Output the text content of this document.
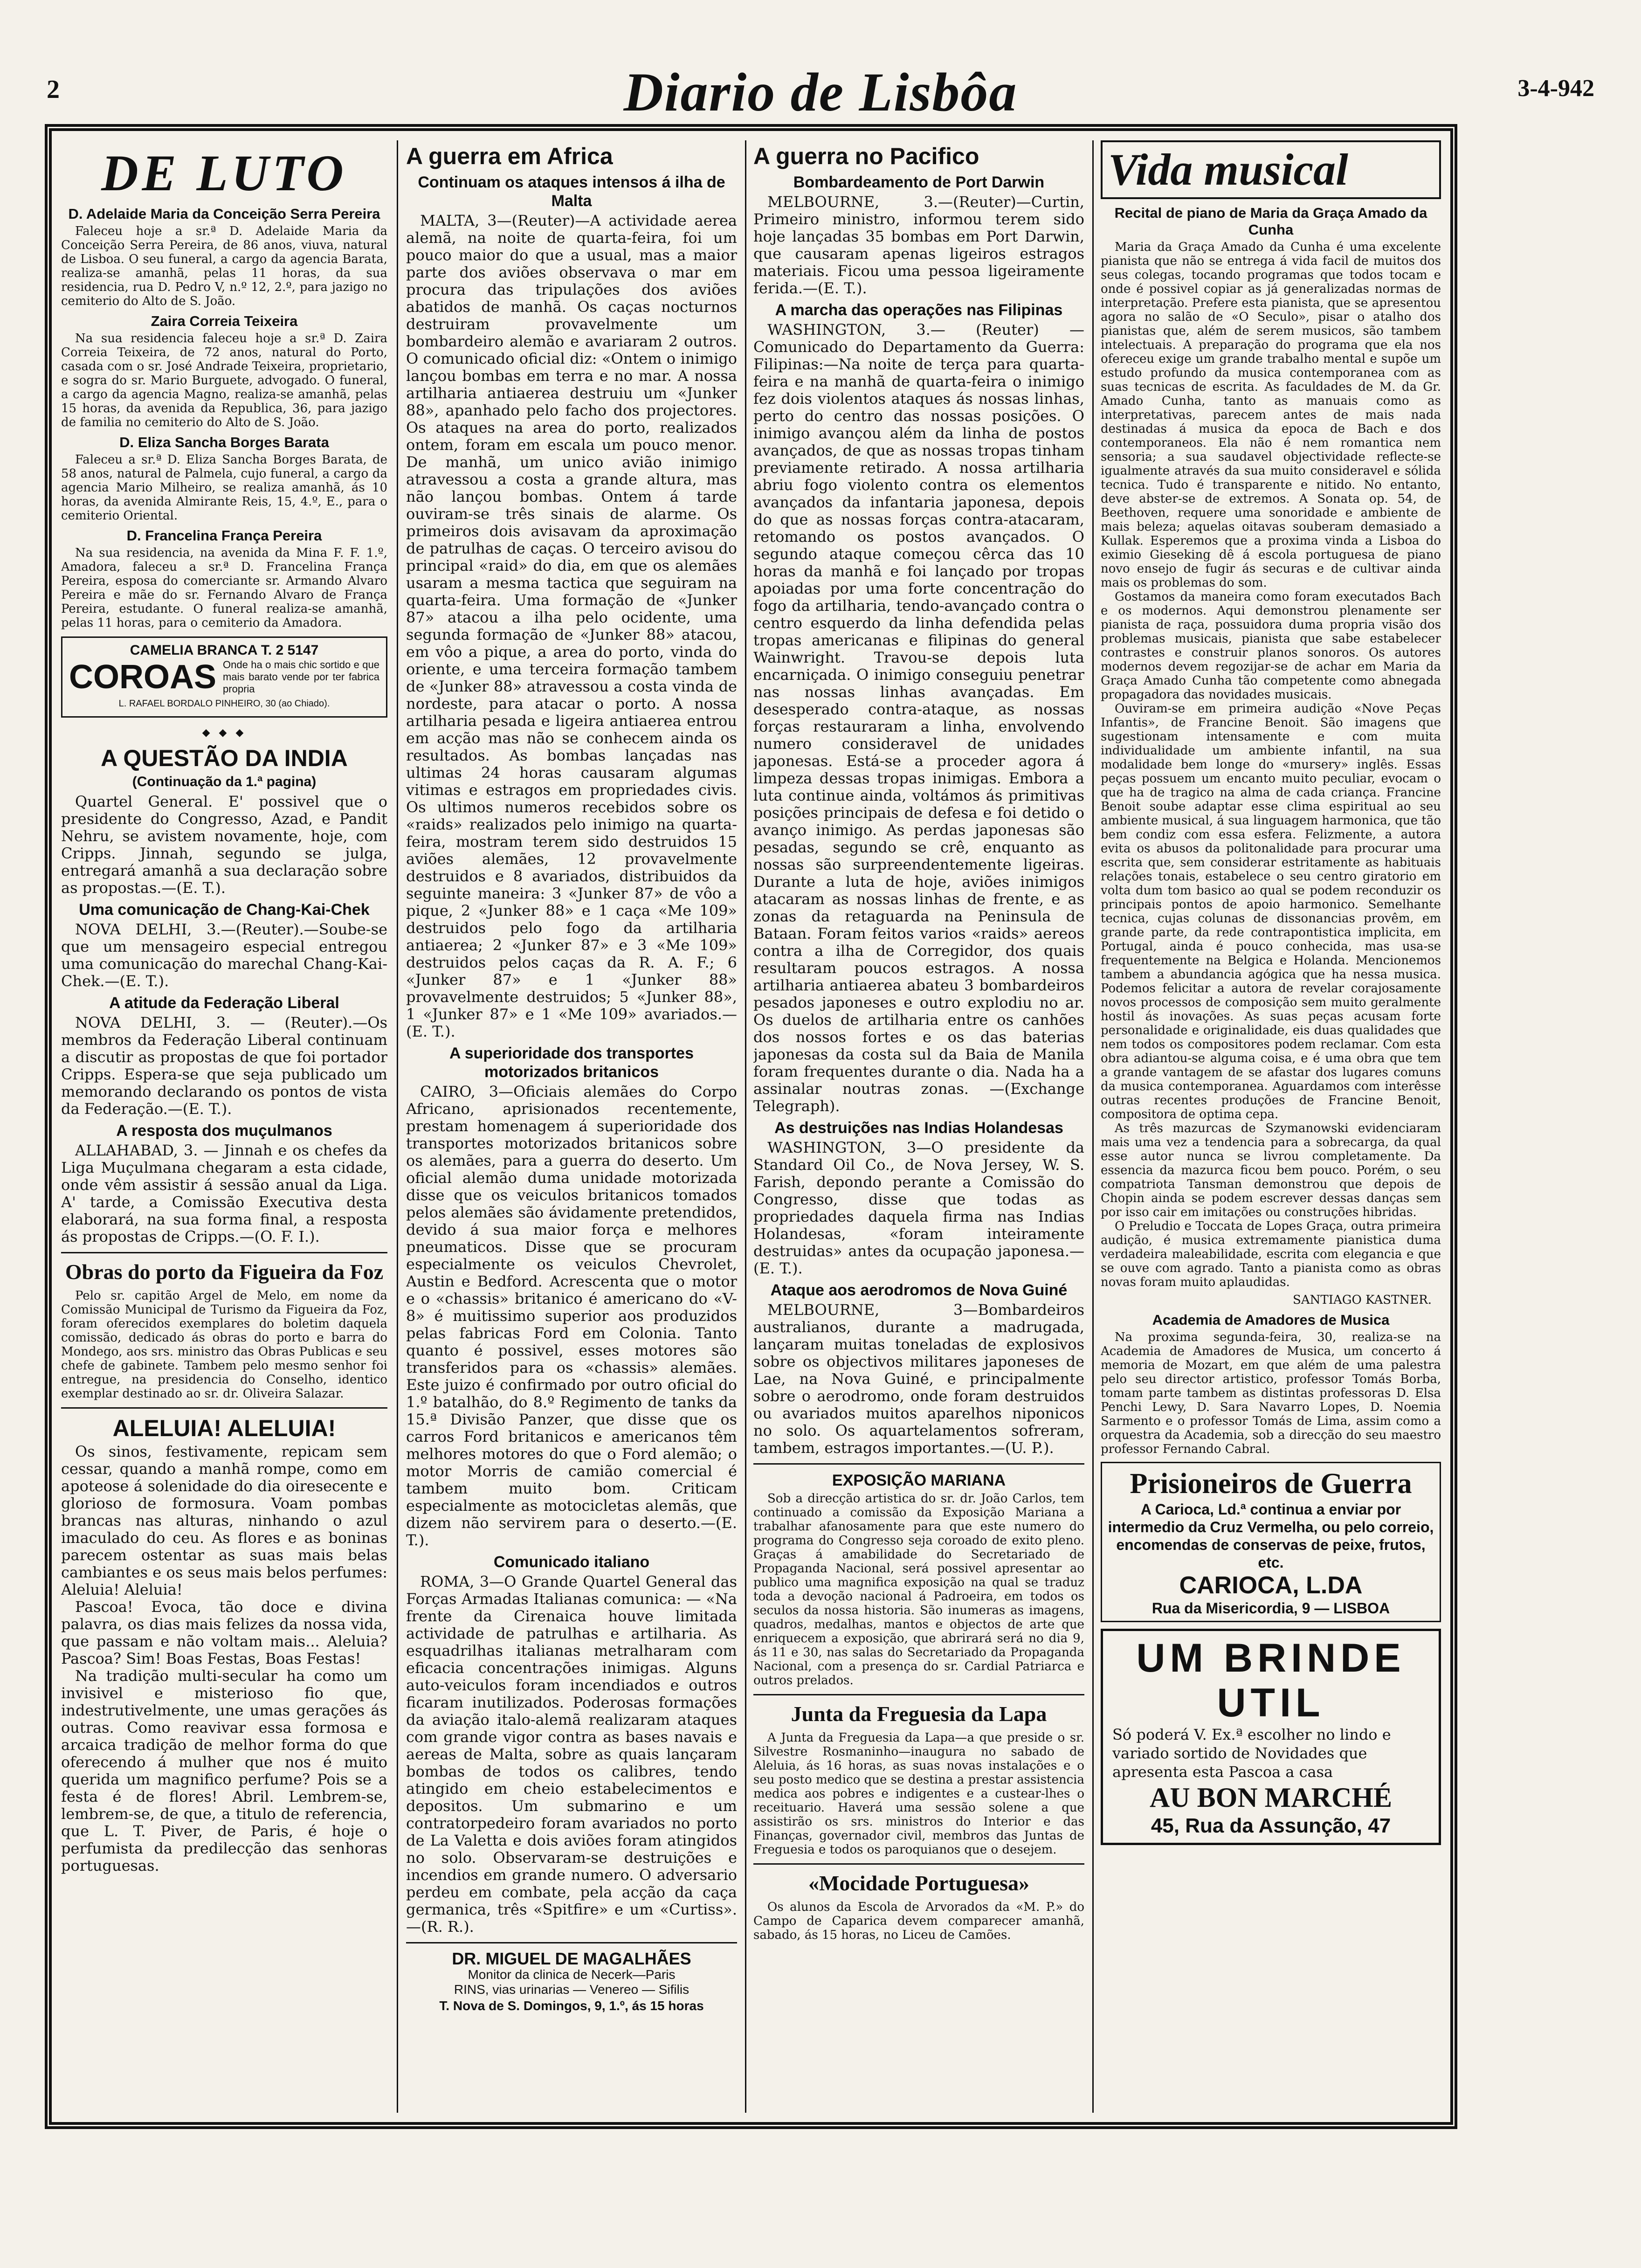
2	Diario de Lisbôa	3-4-942
DE LUTO
D. Adelaide Maria da Conceição Serra Pereira

Faleceu hoje a sr.ª D. Adelaide Maria da Conceição Serra Pereira, de 86 anos, viuva, natural de Lisboa. O seu funeral, a cargo da agencia Barata, realiza-se amanhã, pelas 11 horas, da sua residencia, rua D. Pedro V, n.º 12, 2.º, para jazigo no cemiterio do Alto de S. João.

Zaira Correia Teixeira

Na sua residencia faleceu hoje a sr.ª D. Zaira Correia Teixeira, de 72 anos, natural do Porto, casada com o sr. José Andrade Teixeira, proprietario, e sogra do sr. Mario Burguete, advogado. O funeral, a cargo da agencia Magno, realiza-se amanhã, pelas 15 horas, da avenida da Republica, 36, para jazigo de familia no cemiterio do Alto de S. João.

D. Eliza Sancha Borges Barata

Faleceu a sr.ª D. Eliza Sancha Borges Barata, de 58 anos, natural de Palmela, cujo funeral, a cargo da agencia Mario Milheiro, se realiza amanhã, ás 10 horas, da avenida Almirante Reis, 15, 4.º, E., para o cemiterio Oriental.

D. Francelina França Pereira

Na sua residencia, na avenida da Mina F. F. 1.º, Amadora, faleceu a sr.ª D. Francelina França Pereira, esposa do comerciante sr. Armando Alvaro Pereira e mãe do sr. Fernando Alvaro de França Pereira, estudante. O funeral realiza-se amanhã, pelas 11 horas, para o cemiterio da Amadora.

CAMELIA BRANCA T. 2 5147
COROAS Onde ha o mais chic sortido e que mais barato vende por ter fabrica propria
L. RAFAEL BORDALO PINHEIRO, 30 (ao Chiado).
◆ ◆ ◆
A QUESTÃO DA INDIA
(Continuação da 1.ª pagina)

Quartel General. E' possivel que o presidente do Congresso, Azad, e Pandit Nehru, se avistem novamente, hoje, com Cripps. Jinnah, segundo se julga, entregará amanhã a sua declaração sobre as propostas.—(E. T.).

Uma comunicação de Chang-Kai-Chek

NOVA DELHI, 3.—(Reuter).—Soube-se que um mensageiro especial entregou uma comunicação do marechal Chang-Kai-Chek.—(E. T.).

A atitude da Federação Liberal

NOVA DELHI, 3. — (Reuter).—Os membros da Federação Liberal continuam a discutir as propostas de que foi portador Cripps. Espera-se que seja publicado um memorando declarando os pontos de vista da Federação.—(E. T.).

A resposta dos muçulmanos

ALLAHABAD, 3. — Jinnah e os chefes da Liga Muçulmana chegaram a esta cidade, onde vêm assistir á sessão anual da Liga. A' tarde, a Comissão Executiva desta elaborará, na sua forma final, a resposta ás propostas de Cripps.—(O. F. I.).

Obras do porto da Figueira da Foz

Pelo sr. capitão Argel de Melo, em nome da Comissão Municipal de Turismo da Figueira da Foz, foram oferecidos exemplares do boletim daquela comissão, dedicado ás obras do porto e barra do Mondego, aos srs. ministro das Obras Publicas e seu chefe de gabinete. Tambem pelo mesmo senhor foi entregue, na presidencia do Conselho, identico exemplar destinado ao sr. dr. Oliveira Salazar.

ALELUIA! ALELUIA!

Os sinos, festivamente, repicam sem cessar, quando a manhã rompe, como em apoteose á solenidade do dia oiresecente e glorioso de formosura. Voam pombas brancas nas alturas, ninhando o azul imaculado do ceu. As flores e as boninas parecem ostentar as suas mais belas cambiantes e os seus mais belos perfumes: Aleluia! Aleluia!

Pascoa! Evoca, tão doce e divina palavra, os dias mais felizes da nossa vida, que passam e não voltam mais... Aleluia? Pascoa? Sim! Boas Festas, Boas Festas!

Na tradição multi-secular ha como um invisivel e misterioso fio que, indestrutivelmente, une umas gerações ás outras. Como reavivar essa formosa e arcaica tradição de melhor forma do que oferecendo á mulher que nos é muito querida um magnifico perfume? Pois se a festa é de flores! Abril. Lembrem-se, lembrem-se, de que, a titulo de referencia, que L. T. Piver, de Paris, é hoje o perfumista da predilecção das senhoras portuguesas.

A guerra em Africa
Continuam os ataques intensos á ilha de Malta

MALTA, 3—(Reuter)—A actividade aerea alemã, na noite de quarta-feira, foi um pouco maior do que a usual, mas a maior parte dos aviões observava o mar em procura das tripulações dos aviões abatidos de manhã. Os caças nocturnos destruiram provavelmente um bombardeiro alemão e avariaram 2 outros. O comunicado oficial diz: «Ontem o inimigo lançou bombas em terra e no mar. A nossa artilharia antiaerea destruiu um «Junker 88», apanhado pelo facho dos projectores. Os ataques na area do porto, realizados ontem, foram em escala um pouco menor. De manhã, um unico avião inimigo atravessou a costa a grande altura, mas não lançou bombas. Ontem á tarde ouviram-se três sinais de alarme. Os primeiros dois avisavam da aproximação de patrulhas de caças. O terceiro avisou do principal «raid» do dia, em que os alemães usaram a mesma tactica que seguiram na quarta-feira. Uma formação de «Junker 87» atacou a ilha pelo ocidente, uma segunda formação de «Junker 88» atacou, em vôo a pique, a area do porto, vinda do oriente, e uma terceira formação tambem de «Junker 88» atravessou a costa vinda de nordeste, para atacar o porto. A nossa artilharia pesada e ligeira antiaerea entrou em acção mas não se conhecem ainda os resultados. As bombas lançadas nas ultimas 24 horas causaram algumas vitimas e estragos em propriedades civis. Os ultimos numeros recebidos sobre os «raids» realizados pelo inimigo na quarta-feira, mostram terem sido destruidos 15 aviões alemães, 12 provavelmente destruidos e 8 avariados, distribuidos da seguinte maneira: 3 «Junker 87» de vôo a pique, 2 «Junker 88» e 1 caça «Me 109» destruidos pelo fogo da artilharia antiaerea; 2 «Junker 87» e 3 «Me 109» destruidos pelos caças da R. A. F.; 6 «Junker 87» e 1 «Junker 88» provavelmente destruidos; 5 «Junker 88», 1 «Junker 87» e 1 «Me 109» avariados.—(E. T.).

A superioridade dos transportes motorizados britanicos

CAIRO, 3—Oficiais alemães do Corpo Africano, aprisionados recentemente, prestam homenagem á superioridade dos transportes motorizados britanicos sobre os alemães, para a guerra do deserto. Um oficial alemão duma unidade motorizada disse que os veiculos britanicos tomados pelos alemães são ávidamente pretendidos, devido á sua maior força e melhores pneumaticos. Disse que se procuram especialmente os veiculos Chevrolet, Austin e Bedford. Acrescenta que o motor e o «chassis» britanico é americano do «V-8» é muitissimo superior aos produzidos pelas fabricas Ford em Colonia. Tanto quanto é possivel, esses motores são transferidos para os «chassis» alemães. Este juizo é confirmado por outro oficial do 1.º batalhão, do 8.º Regimento de tanks da 15.ª Divisão Panzer, que disse que os carros Ford britanicos e americanos têm melhores motores do que o Ford alemão; o motor Morris de camião comercial é tambem muito bom. Criticam especialmente as motocicletas alemãs, que dizem não servirem para o deserto.—(E. T.).

Comunicado italiano

ROMA, 3—O Grande Quartel General das Forças Armadas Italianas comunica: — «Na frente da Cirenaica houve limitada actividade de patrulhas e artilharia. As esquadrilhas italianas metralharam com eficacia concentrações inimigas. Alguns auto-veiculos foram incendiados e outros ficaram inutilizados. Poderosas formações da aviação italo-alemã realizaram ataques com grande vigor contra as bases navais e aereas de Malta, sobre as quais lançaram bombas de todos os calibres, tendo atingido em cheio estabelecimentos e depositos. Um submarino e um contratorpedeiro foram avariados no porto de La Valetta e dois aviões foram atingidos no solo. Observaram-se destruições e incendios em grande numero. O adversario perdeu em combate, pela acção da caça germanica, três «Spitfire» e um «Curtiss».—(R. R.).

DR. MIGUEL DE MAGALHÃES
Monitor da clinica de Necerk—Paris
RINS, vias urinarias — Venereo — Sifilis
T. Nova de S. Domingos, 9, 1.º, ás 15 horas
A guerra no Pacifico
Bombardeamento de Port Darwin

MELBOURNE, 3.—(Reuter)—Curtin, Primeiro ministro, informou terem sido hoje lançadas 35 bombas em Port Darwin, que causaram apenas ligeiros estragos materiais. Ficou uma pessoa ligeiramente ferida.—(E. T.).

A marcha das operações nas Filipinas

WASHINGTON, 3.— (Reuter) — Comunicado do Departamento da Guerra: Filipinas:—Na noite de terça para quarta-feira e na manhã de quarta-feira o inimigo fez dois violentos ataques ás nossas linhas, perto do centro das nossas posições. O inimigo avançou além da linha de postos avançados, de que as nossas tropas tinham previamente retirado. A nossa artilharia abriu fogo violento contra os elementos avançados da infantaria japonesa, depois do que as nossas forças contra-atacaram, retomando os postos avançados. O segundo ataque começou cêrca das 10 horas da manhã e foi lançado por tropas apoiadas por uma forte concentração do fogo da artilharia, tendo-avançado contra o centro esquerdo da linha defendida pelas tropas americanas e filipinas do general Wainwright. Travou-se depois luta encarniçada. O inimigo conseguiu penetrar nas nossas linhas avançadas. Em desesperado contra-ataque, as nossas forças restauraram a linha, envolvendo numero consideravel de unidades japonesas. Está-se a proceder agora á limpeza dessas tropas inimigas. Embora a luta continue ainda, voltámos ás primitivas posições principais de defesa e foi detido o avanço inimigo. As perdas japonesas são pesadas, segundo se crê, enquanto as nossas são surpreendentemente ligeiras. Durante a luta de hoje, aviões inimigos atacaram as nossas linhas de frente, e as zonas da retaguarda na Peninsula de Bataan. Foram feitos varios «raids» aereos contra a ilha de Corregidor, dos quais resultaram poucos estragos. A nossa artilharia antiaerea abateu 3 bombardeiros pesados japoneses e outro explodiu no ar. Os duelos de artilharia entre os canhões dos nossos fortes e os das baterias japonesas da costa sul da Baia de Manila foram frequentes durante o dia. Nada ha a assinalar noutras zonas. —(Exchange Telegraph).

As destruições nas Indias Holandesas

WASHINGTON, 3—O presidente da Standard Oil Co., de Nova Jersey, W. S. Farish, depondo perante a Comissão do Congresso, disse que todas as propriedades daquela firma nas Indias Holandesas, «foram inteiramente destruidas» antes da ocupação japonesa.—(E. T.).

Ataque aos aerodromos de Nova Guiné

MELBOURNE, 3—Bombardeiros australianos, durante a madrugada, lançaram muitas toneladas de explosivos sobre os objectivos militares japoneses de Lae, na Nova Guiné, e principalmente sobre o aerodromo, onde foram destruidos ou avariados muitos aparelhos niponicos no solo. Os aquartelamentos sofreram, tambem, estragos importantes.—(U. P.).

EXPOSIÇÃO MARIANA

Sob a direcção artistica do sr. dr. João Carlos, tem continuado a comissão da Exposição Mariana a trabalhar afanosamente para que este numero do programa do Congresso seja coroado de exito pleno. Graças á amabilidade do Secretariado de Propaganda Nacional, será possivel apresentar ao publico uma magnifica exposição na qual se traduz toda a devoção nacional á Padroeira, em todos os seculos da nossa historia. São inumeras as imagens, quadros, medalhas, mantos e objectos de arte que enriquecem a exposição, que abrirará será no dia 9, ás 11 e 30, nas salas do Secretariado da Propaganda Nacional, com a presença do sr. Cardial Patriarca e outros prelados.

Junta da Freguesia da Lapa

A Junta da Freguesia da Lapa—a que preside o sr. Silvestre Rosmaninho—inaugura no sabado de Aleluia, ás 16 horas, as suas novas instalações e o seu posto medico que se destina a prestar assistencia medica aos pobres e indigentes e a custear-lhes o receituario. Haverá uma sessão solene a que assistirão os srs. ministros do Interior e das Finanças, governador civil, membros das Juntas de Freguesia e todos os paroquianos que o desejem.

«Mocidade Portuguesa»

Os alunos da Escola de Arvorados da «M. P.» do Campo de Caparica devem comparecer amanhã, sabado, ás 15 horas, no Liceu de Camões.

Vida musical
Recital de piano de Maria da Graça Amado da Cunha

Maria da Graça Amado da Cunha é uma excelente pianista que não se entrega á vida facil de muitos dos seus colegas, tocando programas que todos tocam e onde é possivel copiar as já generalizadas normas de interpretação. Prefere esta pianista, que se apresentou agora no salão de «O Seculo», pisar o atalho dos pianistas que, além de serem musicos, são tambem intelectuais. A preparação do programa que ela nos ofereceu exige um grande trabalho mental e supõe um estudo profundo da musica contemporanea com as suas tecnicas de escrita. As faculdades de M. da Gr. Amado Cunha, tanto as manuais como as interpretativas, parecem antes de mais nada destinadas á musica da epoca de Bach e dos contemporaneos. Ela não é nem romantica nem sensoria; a sua saudavel objectividade reflecte-se igualmente através da sua muito consideravel e sólida tecnica. Tudo é transparente e nitido. No entanto, deve abster-se de extremos. A Sonata op. 54, de Beethoven, requere uma sonoridade e ambiente de mais beleza; aquelas oitavas souberam demasiado a Kullak. Esperemos que a proxima vinda a Lisboa do eximio Gieseking dê á escola portuguesa de piano novo ensejo de fugir ás securas e de cultivar ainda mais os problemas do som.

Gostamos da maneira como foram executados Bach e os modernos. Aqui demonstrou plenamente ser pianista de raça, possuidora duma propria visão dos problemas musicais, pianista que sabe estabelecer contrastes e construir planos sonoros. Os autores modernos devem regozijar-se de achar em Maria da Graça Amado Cunha tão competente como abnegada propagadora das novidades musicais.

Ouviram-se em primeira audição «Nove Peças Infantis», de Francine Benoit. São imagens que sugestionam intensamente e com muita individualidade um ambiente infantil, na sua modalidade bem longe do «mursery» inglês. Essas peças possuem um encanto muito peculiar, evocam o que ha de tragico na alma de cada criança. Francine Benoit soube adaptar esse clima espiritual ao seu ambiente musical, á sua linguagem harmonica, que tão bem condiz com essa esfera. Felizmente, a autora evita os abusos da politonalidade para procurar uma escrita que, sem considerar estritamente as habituais relações tonais, estabelece o seu centro giratorio em volta dum tom basico ao qual se podem reconduzir os principais pontos de apoio harmonico. Semelhante tecnica, cujas colunas de dissonancias provêm, em grande parte, da rede contrapontistica implicita, em Portugal, ainda é pouco conhecida, mas usa-se frequentemente na Belgica e Holanda. Mencionemos tambem a abundancia agógica que ha nessa musica. Podemos felicitar a autora de revelar corajosamente novos processos de composição sem muito geralmente hostil ás inovações. As suas peças acusam forte personalidade e originalidade, eis duas qualidades que nem todos os compositores podem reclamar. Com esta obra adiantou-se alguma coisa, e é uma obra que tem a grande vantagem de se afastar dos lugares comuns da musica contemporanea. Aguardamos com interêsse outras recentes produções de Francine Benoit, compositora de optima cepa.

As três mazurcas de Szymanowski evidenciaram mais uma vez a tendencia para a sobrecarga, da qual esse autor nunca se livrou completamente. Da essencia da mazurca ficou bem pouco. Porém, o seu compatriota Tansman demonstrou que depois de Chopin ainda se podem escrever dessas danças sem por isso cair em imitações ou construções hibridas.

O Preludio e Toccata de Lopes Graça, outra primeira audição, é musica extremamente pianistica duma verdadeira maleabilidade, escrita com elegancia e que se ouve com agrado. Tanto a pianista como as obras novas foram muito aplaudidas.

SANTIAGO KASTNER.
Academia de Amadores de Musica

Na proxima segunda-feira, 30, realiza-se na Academia de Amadores de Musica, um concerto á memoria de Mozart, em que além de uma palestra pelo seu director artistico, professor Tomás Borba, tomam parte tambem as distintas professoras D. Elsa Penchi Lewy, D. Sara Navarro Lopes, D. Noemia Sarmento e o professor Tomás de Lima, assim como a orquestra da Academia, sob a direcção do seu maestro professor Fernando Cabral.

Prisioneiros de Guerra
A Carioca, Ld.ª continua a enviar por intermedio da Cruz Vermelha, ou pelo correio, encomendas de conservas de peixe, frutos, etc.
CARIOCA, L.DA
Rua da Misericordia, 9 — LISBOA
UM BRINDE UTIL
Só poderá V. Ex.ª escolher no lindo e variado sortido de Novidades que apresenta esta Pascoa a casa
AU BON MARCHÉ
45, Rua da Assunção, 47
